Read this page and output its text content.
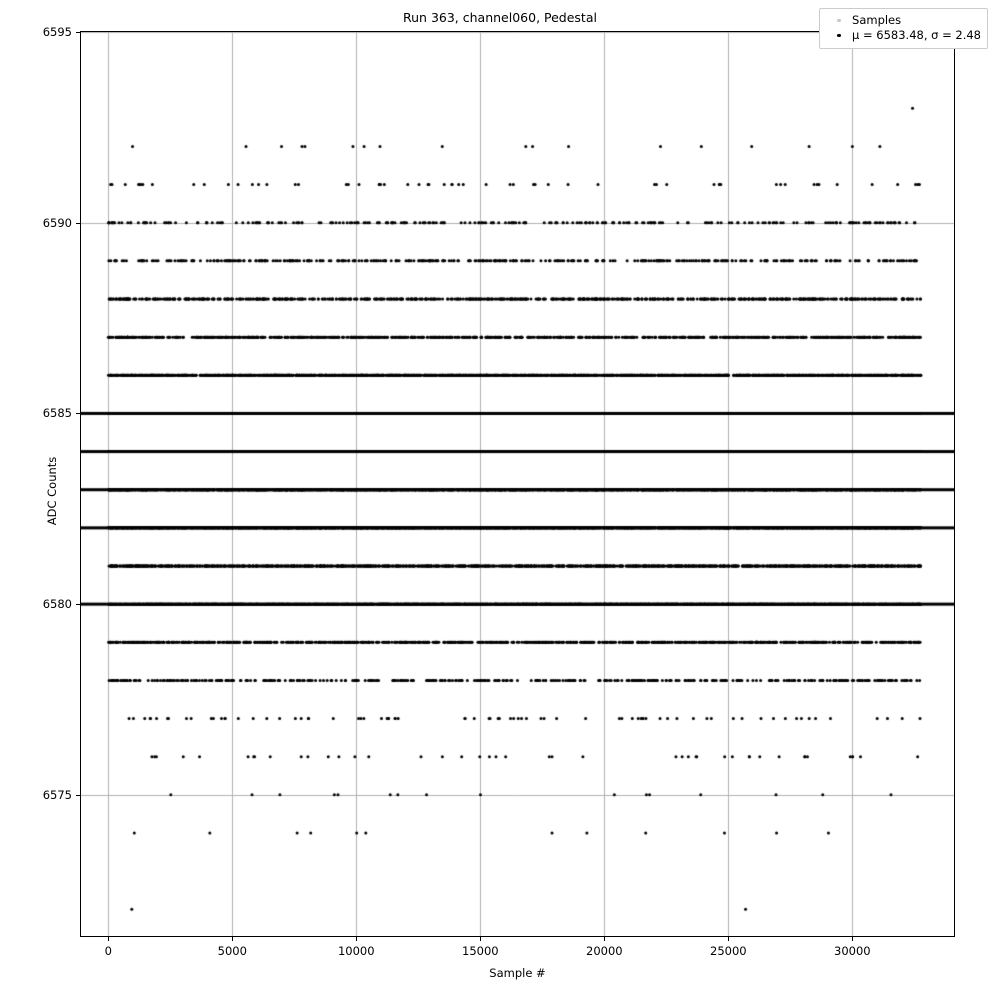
Run 363, channel060, Pedestal
6575
6580
6585
6590
6595
0	5000	10000	15000	20000	25000	30000
Sample #
ADC Counts
Samples
μ = 6583.48, σ = 2.48
